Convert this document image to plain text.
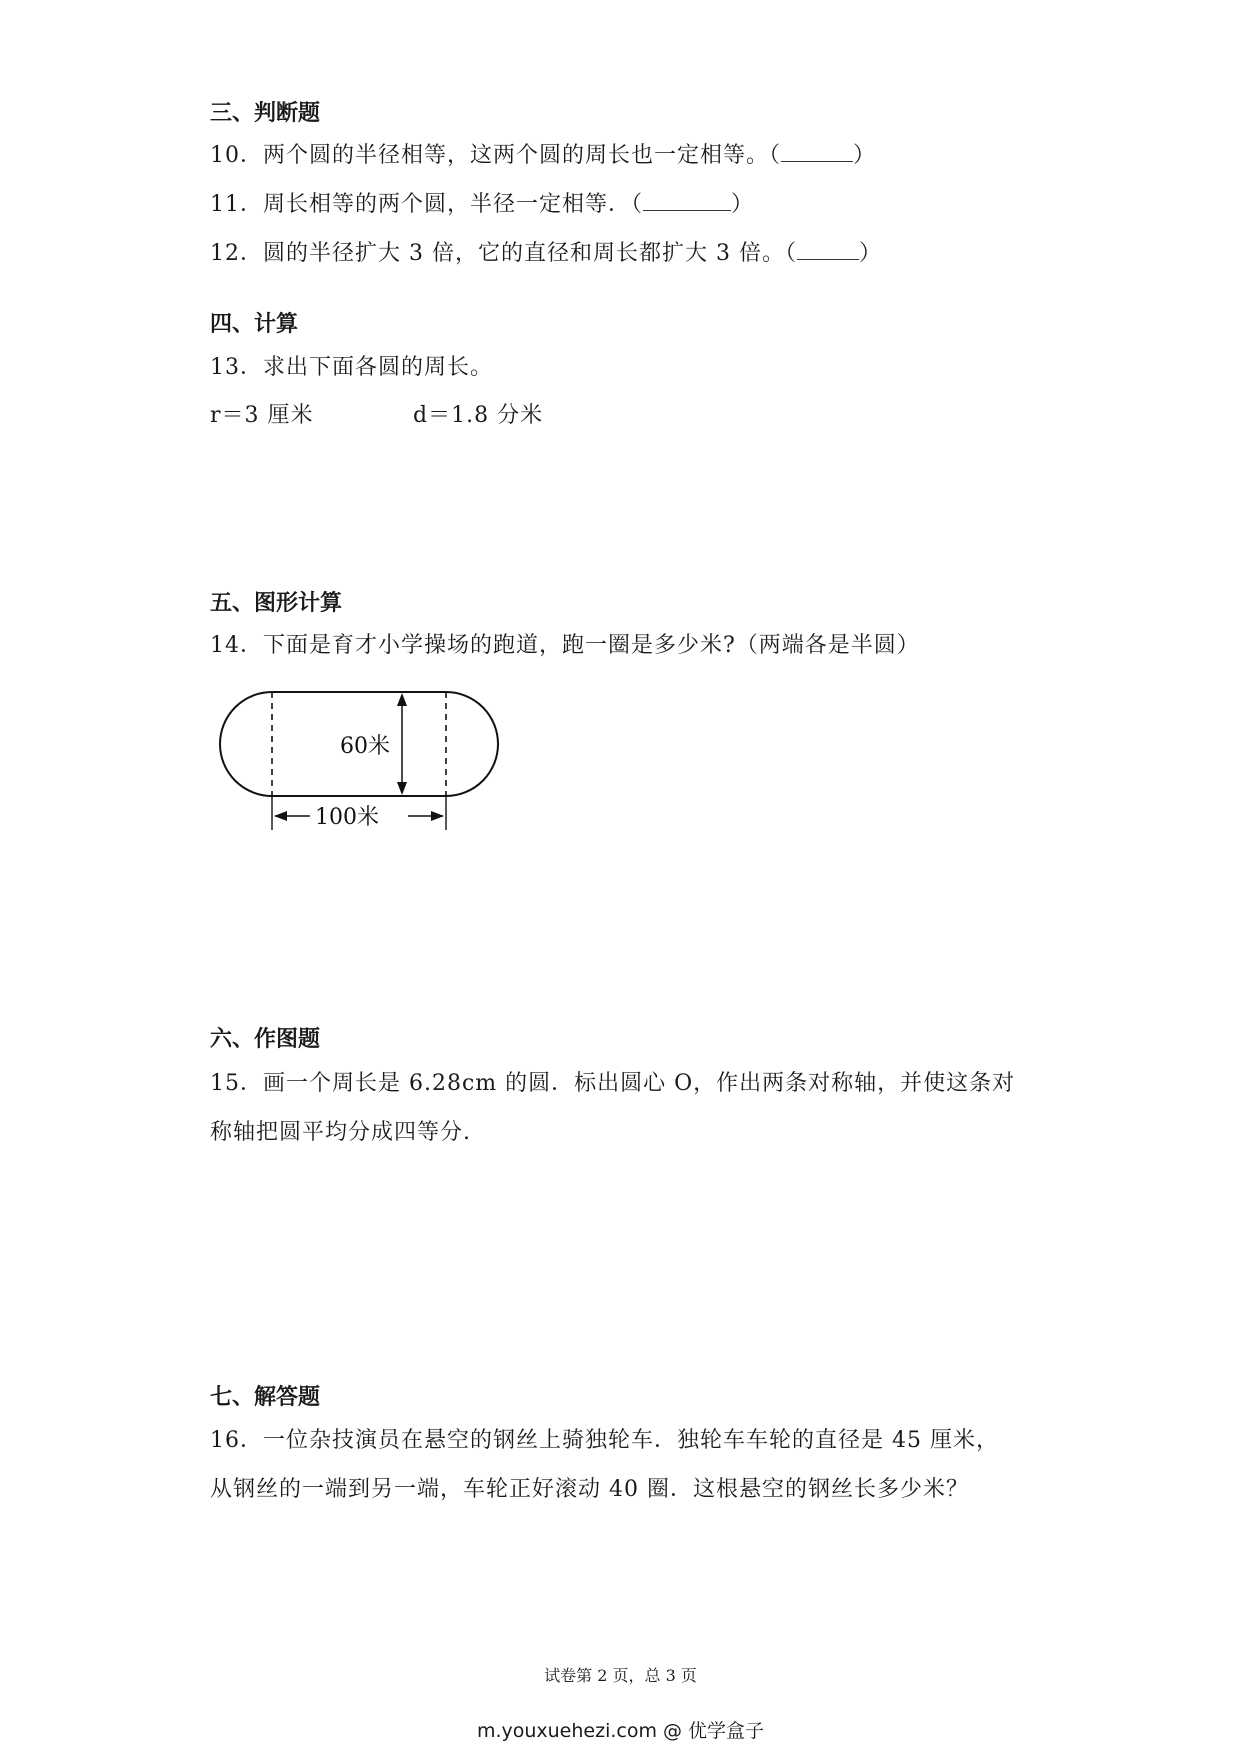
三、判断题
10．两个圆的半径相等，这两个圆的周长也一定相等。（	）
11．周长相等的两个圆，半径一定相等．（	）
12．圆的半径扩大 3 倍，它的直径和周长都扩大 3 倍。（	）
四、计算
13．求出下面各圆的周长。
r＝3 厘米	d＝1.8 分米
五、图形计算
14．下面是育才小学操场的跑道，跑一圈是多少米?（两端各是半圆）
60米
100米
六、作图题
15．画一个周长是 6.28cm 的圆．标出圆心 O，作出两条对称轴，并使这条对
称轴把圆平均分成四等分.
七、解答题
16．一位杂技演员在悬空的钢丝上骑独轮车．独轮车车轮的直径是 45 厘米，
从钢丝的一端到另一端，车轮正好滚动 40 圈．这根悬空的钢丝长多少米？
试卷第 2 页，总 3 页
m.youxuehezi.com @ 优学盒子
